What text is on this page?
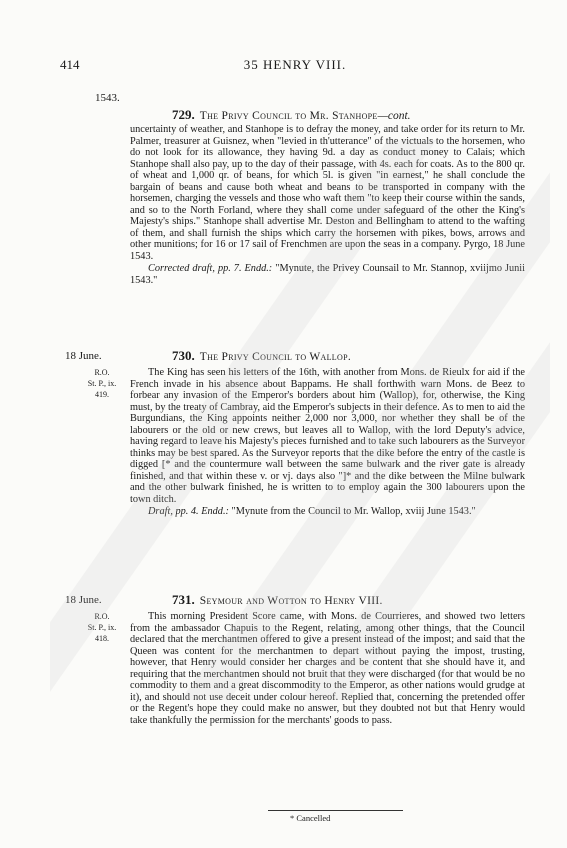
414	35 HENRY VIII.
1543.
729. The Privy Council to Mr. Stanhope—cont.

uncertainty of weather, and Stanhope is to defray the money, and take order for its return to Mr. Palmer, treasurer at Guisnez, when "levied in th'utterance" of the victuals to the horsemen, who do not look for its allowance, they having 9d. a day as conduct money to Calais; which Stanhope shall also pay, up to the day of their passage, with 4s. each for coats. As to the 800 qr. of wheat and 1,000 qr. of beans, for which 5l. is given "in earnest," he shall conclude the bargain of beans and cause both wheat and beans to be transported in company with the horsemen, charging the vessels and those who waft them "to keep their course within the sands, and so to the North Forland, where they shall come under safeguard of the other the King's Majesty's ships." Stanhope shall advertise Mr. Deston and Bellingham to attend to the wafting of them, and shall furnish the ships which carry the horsemen with pikes, bows, arrows and other munitions; for 16 or 17 sail of Frenchmen are upon the seas in a company. Pyrgo, 18 June 1543.

Corrected draft, pp. 7. Endd.: "Mynute, the Privey Counsail to Mr. Stannop, xviijmo Junii 1543."

18 June.	730. The Privy Council to Wallop.
R.O.
St. P., ix. 419.

The King has seen his letters of the 16th, with another from Mons. de Rieulx for aid if the French invade in his absence about Bappams. He shall forthwith warn Mons. de Beez to forbear any invasion of the Emperor's borders about him (Wallop), for, otherwise, the King must, by the treaty of Cambray, aid the Emperor's subjects in their defence. As to men to aid the Burgundians, the King appoints neither 2,000 nor 3,000, nor whether they shall be of the labourers or the old or new crews, but leaves all to Wallop, with the lord Deputy's advice, having regard to leave his Majesty's pieces furnished and to take such labourers as the Surveyor thinks may be best spared. As the Surveyor reports that the dike before the entry of the castle is digged [* and the countermure wall between the same bulwark and the river gate is already finished, and that within these v. or vj. days also "]* and the dike between the Milne bulwark and the other bulwark finished, he is written to to employ again the 300 labourers upon the town ditch.

Draft, pp. 4. Endd.: "Mynute from the Council to Mr. Wallop, xviij June 1543."

18 June.	731. Seymour and Wotton to Henry VIII.
R.O.
St. P., ix. 418.

This morning President Score came, with Mons. de Courrieres, and showed two letters from the ambassador Chapuis to the Regent, relating, among other things, that the Council declared that the merchantmen offered to give a present instead of the impost; and said that the Queen was content for the merchantmen to depart without paying the impost, trusting, however, that Henry would consider her charges and be content that she should have it, and requiring that the merchantmen should not bruit that they were discharged (for that would be no commodity to them and a great discommodity to the Emperor, as other nations would grudge at it), and should not use deceit under colour hereof. Replied that, concerning the pretended offer or the Regent's hope they could make no answer, but they doubted not but that Henry would take thankfully the permission for the merchants' goods to pass.

* Cancelled
